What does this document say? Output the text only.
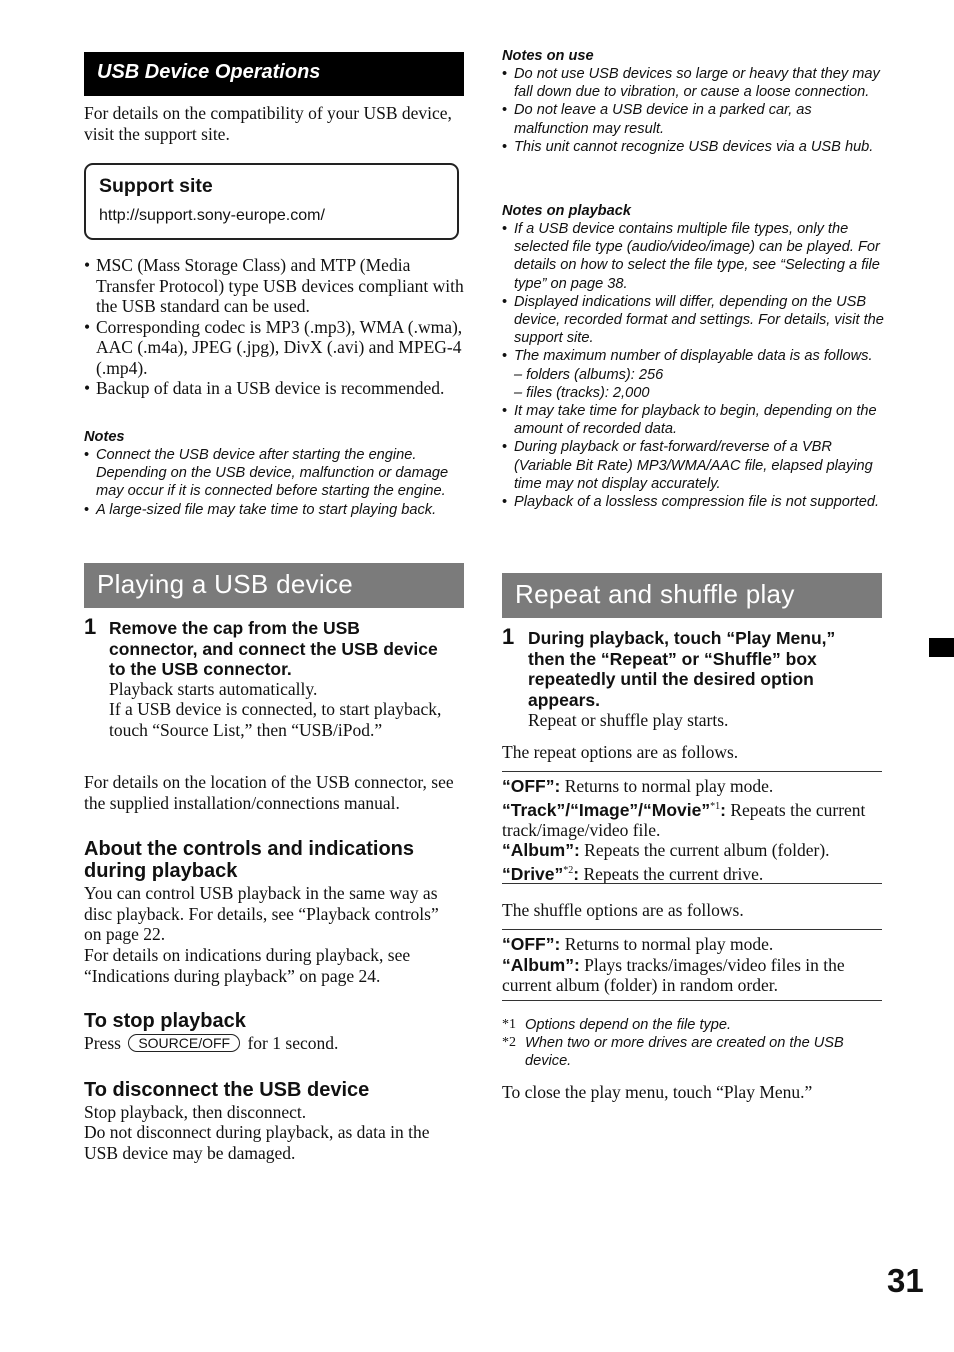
USB Device Operations
For details on the compatibility of your USB device, visit the support site.
Support site
http://support.sony-europe.com/
• MSC (Mass Storage Class) and MTP (Media Transfer Protocol) type USB devices compliant with the USB standard can be used.
• Corresponding codec is MP3 (.mp3), WMA (.wma), AAC (.m4a), JPEG (.jpg), DivX (.avi) and MPEG-4 (.mp4).
• Backup of data in a USB device is recommended.
Notes
• Connect the USB device after starting the engine. Depending on the USB device, malfunction or damage may occur if it is connected before starting the engine.
• A large-sized file may take time to start playing back.
Playing a USB device
1 Remove the cap from the USB connector, and connect the USB device to the USB connector.
Playback starts automatically.
If a USB device is connected, to start playback, touch “Source List,” then “USB/iPod.”
For details on the location of the USB connector, see the supplied installation/connections manual.
About the controls and indications during playback
You can control USB playback in the same way as disc playback. For details, see “Playback controls” on page 22.
For details on indications during playback, see “Indications during playback” on page 24.
To stop playback
Press SOURCE/OFF for 1 second.
To disconnect the USB device
Stop playback, then disconnect.
Do not disconnect during playback, as data in the USB device may be damaged.
Notes on use
• Do not use USB devices so large or heavy that they may fall down due to vibration, or cause a loose connection.
• Do not leave a USB device in a parked car, as malfunction may result.
• This unit cannot recognize USB devices via a USB hub.
Notes on playback
• If a USB device contains multiple file types, only the selected file type (audio/video/image) can be played. For details on how to select the file type, see “Selecting a file type” on page 38.
• Displayed indications will differ, depending on the USB device, recorded format and settings. For details, visit the support site.
• The maximum number of displayable data is as follows.
– folders (albums): 256
– files (tracks): 2,000
• It may take time for playback to begin, depending on the amount of recorded data.
• During playback or fast-forward/reverse of a VBR (Variable Bit Rate) MP3/WMA/AAC file, elapsed playing time may not display accurately.
• Playback of a lossless compression file is not supported.
Repeat and shuffle play
1 During playback, touch “Play Menu,” then the “Repeat” or “Shuffle” box repeatedly until the desired option appears.
Repeat or shuffle play starts.
The repeat options are as follows.
“OFF”: Returns to normal play mode.
“Track”/“Image”/“Movie”$^{*1}$: Repeats the current track/image/video file.
“Album”: Repeats the current album (folder).
“Drive”$^{*2}$: Repeats the current drive.
The shuffle options are as follows.
“OFF”: Returns to normal play mode.
“Album”: Plays tracks/images/video files in the current album (folder) in random order.
*1 Options depend on the file type.
*2 When two or more drives are created on the USB device.
To close the play menu, touch “Play Menu.”
31
